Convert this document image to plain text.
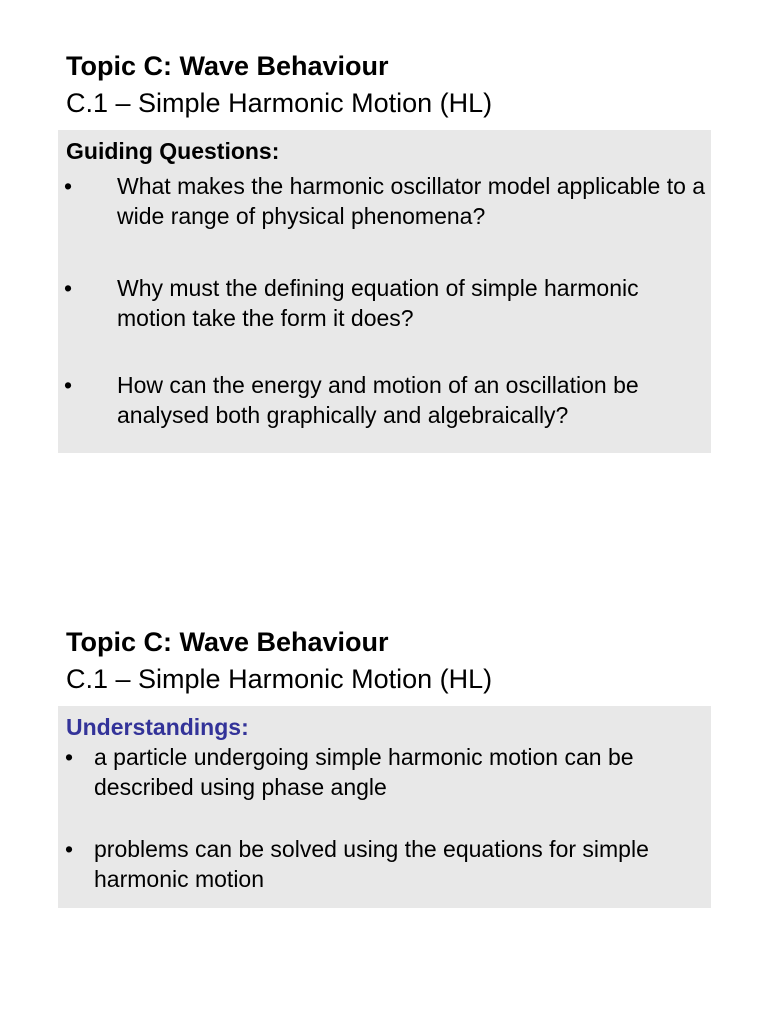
Topic C: Wave Behaviour
C.1 – Simple Harmonic Motion (HL)
Guiding Questions:
• What makes the harmonic oscillator model applicable to a wide range of physical phenomena?
• Why must the defining equation of simple harmonic motion take the form it does?
• How can the energy and motion of an oscillation be analysed both graphically and algebraically?
Topic C: Wave Behaviour
C.1 – Simple Harmonic Motion (HL)
Understandings:
• a particle undergoing simple harmonic motion can be described using phase angle
• problems can be solved using the equations for simple harmonic motion
